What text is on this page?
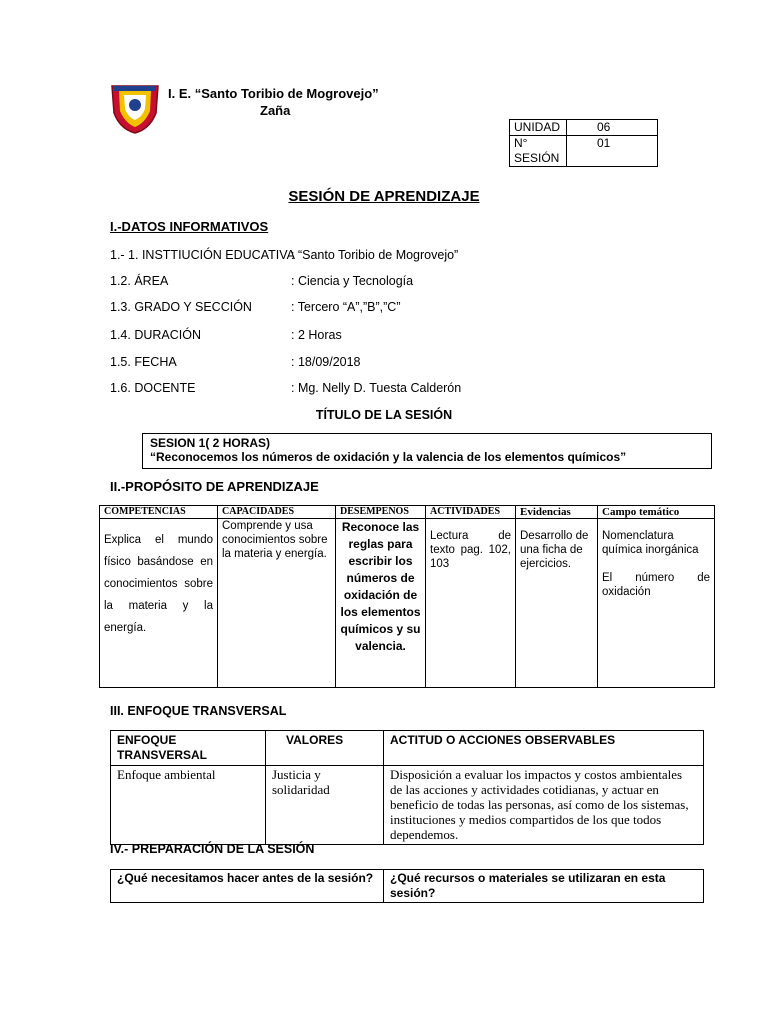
I. E. “Santo Toribio de Mogrovejo”
Zaña
UNIDAD	06

N°
SESIÓN	01
SESIÓN DE APRENDIZAJE
I.-DATOS INFORMATIVOS
1.- 1. INSTTIUCIÓN EDUCATIVA
: “Santo Toribio de Mogrovejo”
1.2. ÁREA	: Ciencia y Tecnología
1.3. GRADO Y SECCIÓN	: Tercero “A”,”B”,”C”
1.4. DURACIÓN	: 2 Horas
1.5. FECHA	: 18/09/2018
1.6. DOCENTE	: Mg. Nelly D. Tuesta Calderón
TÍTULO DE LA SESIÓN
SESION 1( 2 HORAS)
“Reconocemos los números de oxidación y la valencia de los elementos químicos”
II.-PROPÓSITO DE APRENDIZAJE
COMPETENCIAS	CAPACIDADES	DESEMPENOS	ACTIVIDADES	Evidencias	Campo temático
Explica el mundo físico basándose en conocimientos sobre la materia y la energía.	Comprende y usa conocimientos sobre la materia y energía.	Reconoce las reglas para escribir los números de oxidación de los elementos químicos y su valencia.	Lectura de texto pag. 102, 103	Desarrollo de una ficha de ejercicios.	Nomenclatura química inorgánica
El número de oxidación
III. ENFOQUE TRANSVERSAL
ENFOQUE TRANSVERSAL	VALORES	ACTITUD O ACCIONES OBSERVABLES
Enfoque ambiental	Justicia y solidaridad	Disposición a evaluar los impactos y costos ambientales de las acciones y actividades cotidianas, y actuar en beneficio de todas las personas, así como de los sistemas, instituciones y medios compartidos de los que todos dependemos.
IV.- PREPARACIÓN DE LA SESIÓN
¿Qué necesitamos hacer antes de la sesión?	¿Qué recursos o materiales se utilizaran en esta sesión?
